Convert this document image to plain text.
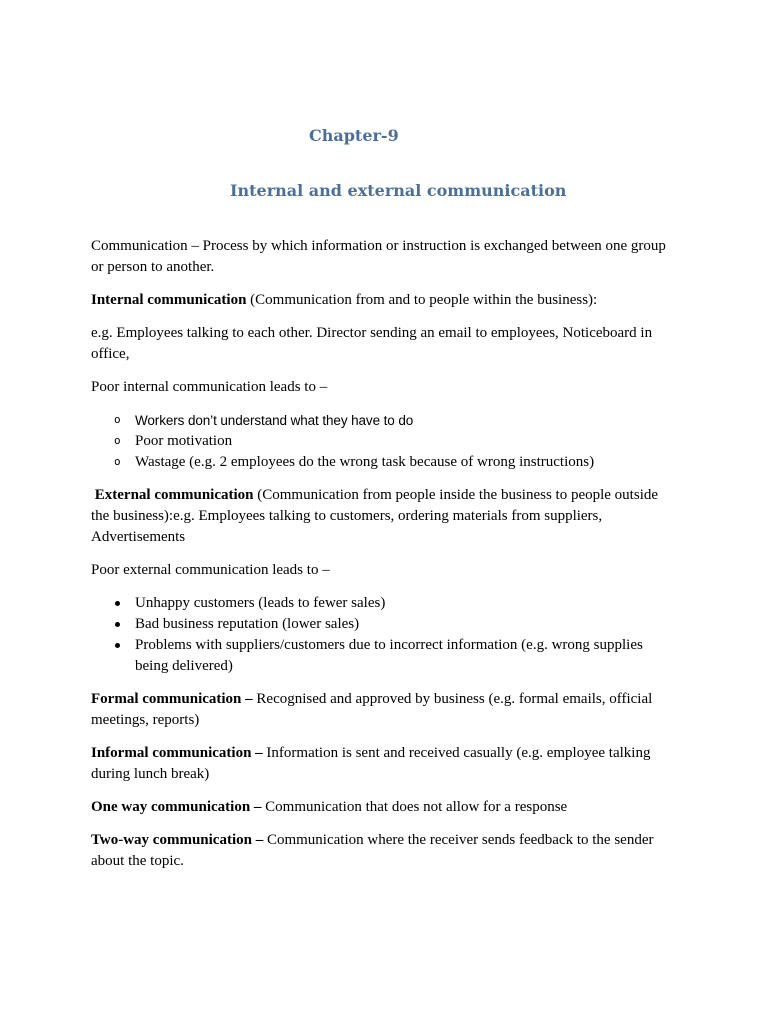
Chapter-9
Internal and external communication

Communication – Process by which information or instruction is exchanged between one group or person to another.

Internal communication (Communication from and to people within the business):

e.g. Employees talking to each other. Director sending an email to employees, Noticeboard in office,

Poor internal communication leads to –

o Workers don’t understand what they have to do
o Poor motivation
o Wastage (e.g. 2 employees do the wrong task because of wrong instructions)

External communication (Communication from people inside the business to people outside the business):e.g. Employees talking to customers, ordering materials from suppliers, Advertisements

Poor external communication leads to –

Unhappy customers (leads to fewer sales)
Bad business reputation (lower sales)
Problems with suppliers/customers due to incorrect information (e.g. wrong supplies being delivered)

Formal communication – Recognised and approved by business (e.g. formal emails, official meetings, reports)

Informal communication – Information is sent and received casually (e.g. employee talking during lunch break)

One way communication – Communication that does not allow for a response

Two-way communication – Communication where the receiver sends feedback to the sender about the topic.
